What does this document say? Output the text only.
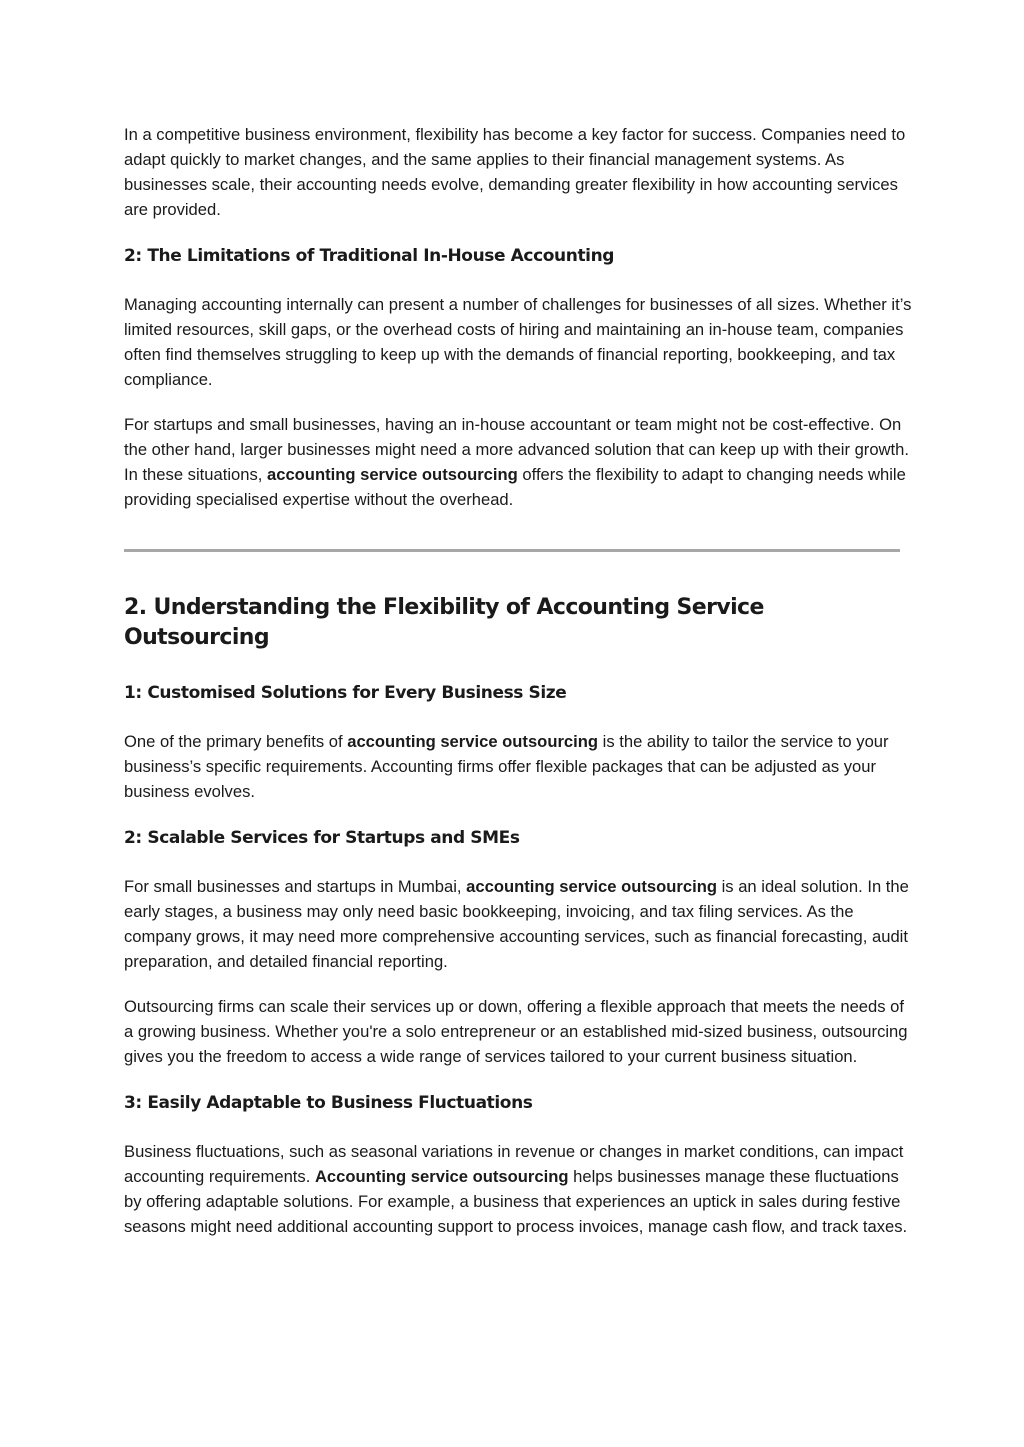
In a competitive business environment, flexibility has become a key factor for success. Companies need to adapt quickly to market changes, and the same applies to their financial management systems. As businesses scale, their accounting needs evolve, demanding greater flexibility in how accounting services are provided.

2: The Limitations of Traditional In-House Accounting

Managing accounting internally can present a number of challenges for businesses of all sizes. Whether it’s limited resources, skill gaps, or the overhead costs of hiring and maintaining an in-house team, companies often find themselves struggling to keep up with the demands of financial reporting, bookkeeping, and tax compliance.

For startups and small businesses, having an in-house accountant or team might not be cost-effective. On the other hand, larger businesses might need a more advanced solution that can keep up with their growth. In these situations, accounting service outsourcing offers the flexibility to adapt to changing needs while providing specialised expertise without the overhead.

2. Understanding the Flexibility of Accounting Service Outsourcing
1: Customised Solutions for Every Business Size

One of the primary benefits of accounting service outsourcing is the ability to tailor the service to your business’s specific requirements. Accounting firms offer flexible packages that can be adjusted as your business evolves.

2: Scalable Services for Startups and SMEs

For small businesses and startups in Mumbai, accounting service outsourcing is an ideal solution. In the early stages, a business may only need basic bookkeeping, invoicing, and tax filing services. As the company grows, it may need more comprehensive accounting services, such as financial forecasting, audit preparation, and detailed financial reporting.

Outsourcing firms can scale their services up or down, offering a flexible approach that meets the needs of a growing business. Whether you're a solo entrepreneur or an established mid-sized business, outsourcing gives you the freedom to access a wide range of services tailored to your current business situation.

3: Easily Adaptable to Business Fluctuations

Business fluctuations, such as seasonal variations in revenue or changes in market conditions, can impact accounting requirements. Accounting service outsourcing helps businesses manage these fluctuations by offering adaptable solutions. For example, a business that experiences an uptick in sales during festive seasons might need additional accounting support to process invoices, manage cash flow, and track taxes.
